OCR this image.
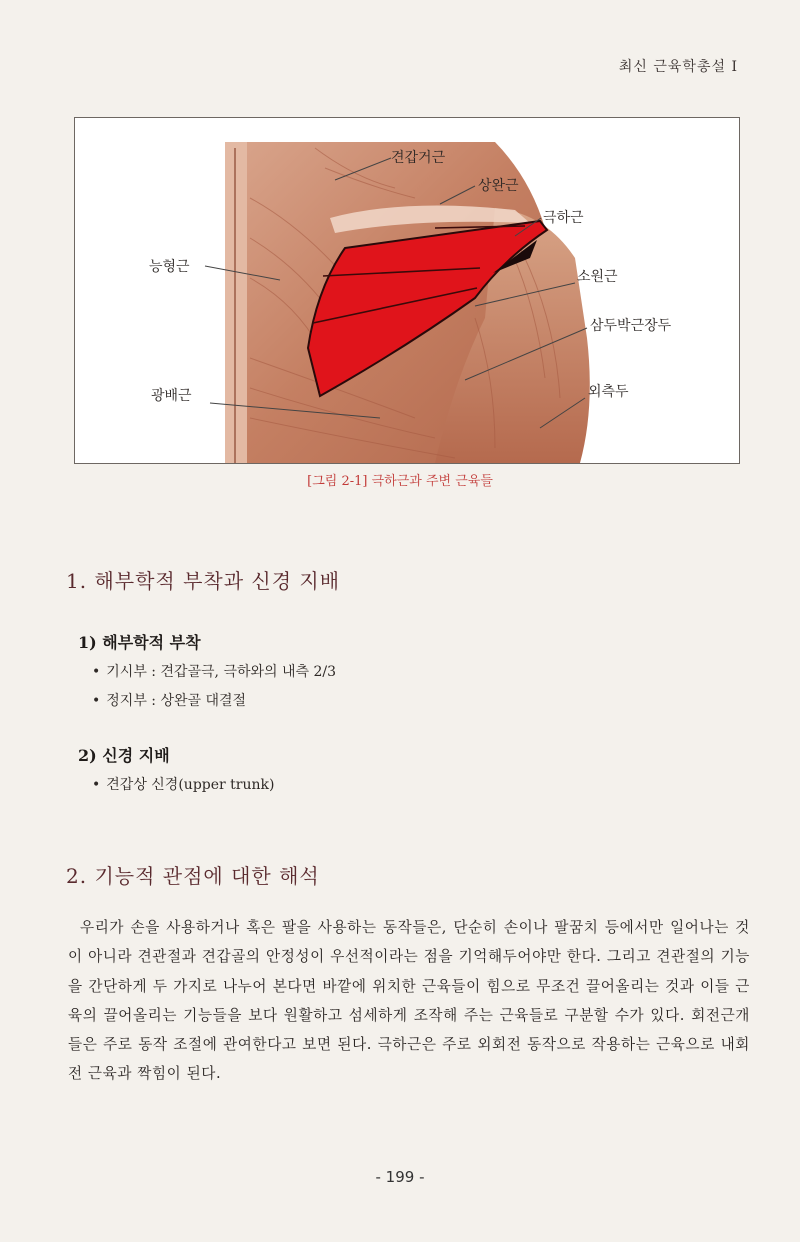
최신 근육학총설 Ⅰ
견갑거근
상완근
극하근
능형근
소원근
삼두박근장두
광배근	외측두
[그림 2-1] 극하근과 주변 근육들
1. 해부학적 부착과 신경 지배
1) 해부학적 부착
• 기시부 : 견갑골극, 극하와의 내측 2/3
• 정지부 : 상완골 대결절
2) 신경 지배
• 견갑상 신경(upper trunk)
2. 기능적 관점에 대한 해석
우리가 손을 사용하거나 혹은 팔을 사용하는 동작들은, 단순히 손이나 팔꿈치 등에서만 일어나는 것이 아니라 견관절과 견갑골의 안정성이 우선적이라는 점을 기억해두어야만 한다. 그리고 견관절의 기능을 간단하게 두 가지로 나누어 본다면 바깥에 위치한 근육들이 힘으로 무조건 끌어올리는 것과 이들 근육의 끌어올리는 기능들을 보다 원활하고 섬세하게 조작해 주는 근육들로 구분할 수가 있다. 회전근개들은 주로 동작 조절에 관여한다고 보면 된다. 극하근은 주로 외회전 동작으로 작용하는 근육으로 내회전 근육과 짝힘이 된다.
- 199 -
